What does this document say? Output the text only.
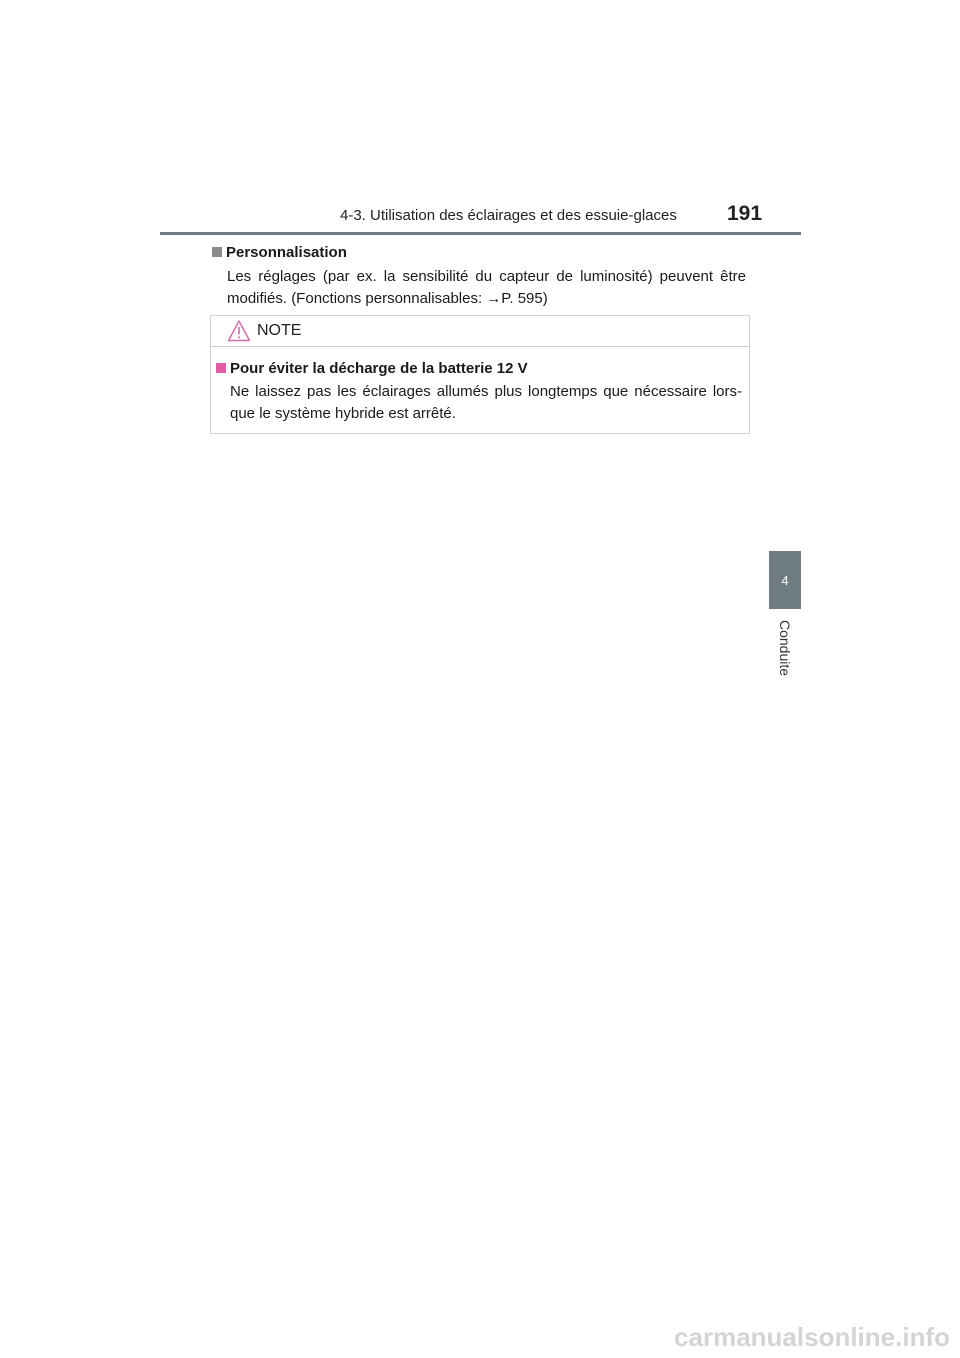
4-3. Utilisation des éclairages et des essuie-glaces 191
Personnalisation
Les réglages (par ex. la sensibilité du capteur de luminosité) peuvent être modifiés. (Fonctions personnalisables: →P. 595)
NOTE
Pour éviter la décharge de la batterie 12 V
Ne laissez pas les éclairages allumés plus longtemps que nécessaire lors-que le système hybride est arrêté.
4
Conduite
carmanualsonline.info
